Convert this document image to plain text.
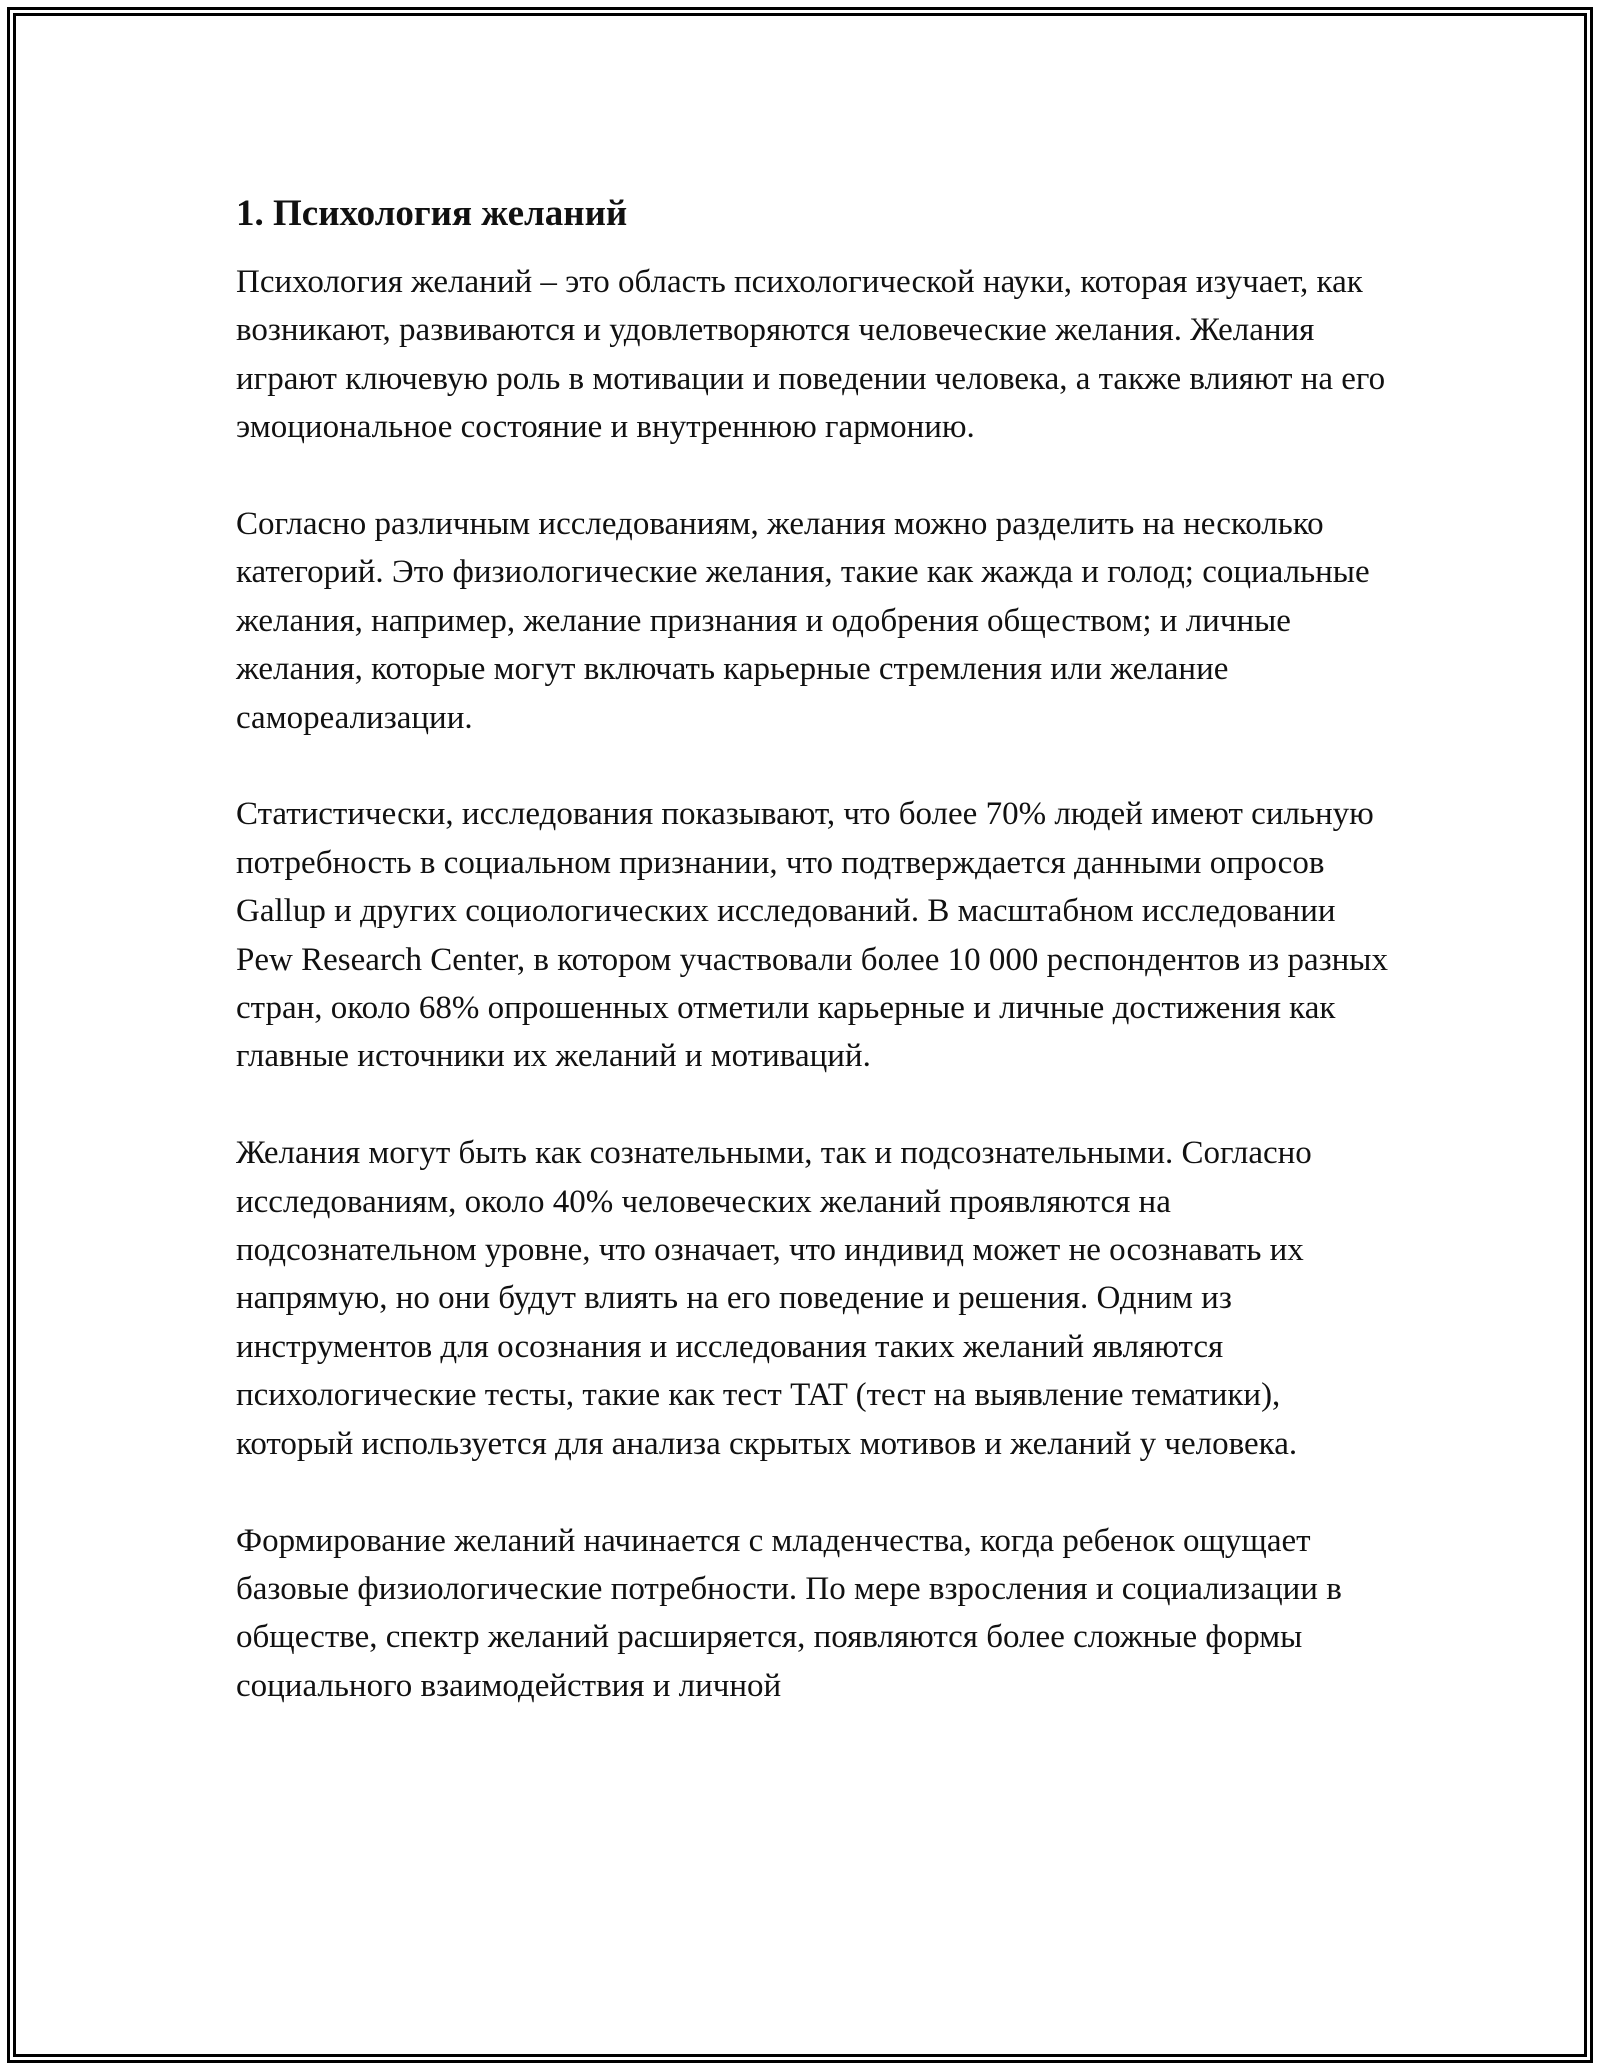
1. Психология желаний

Психология желаний – это область психологической науки, которая изучает, как возникают, развиваются и удовлетворяются человеческие желания. Желания играют ключевую роль в мотивации и поведении человека, а также влияют на его эмоциональное состояние и внутреннюю гармонию.

Согласно различным исследованиям, желания можно разделить на несколько категорий. Это физиологические желания, такие как жажда и голод; социальные желания, например, желание признания и одобрения обществом; и личные желания, которые могут включать карьерные стремления или желание самореализации.

Статистически, исследования показывают, что более 70% людей имеют сильную потребность в социальном признании, что подтверждается данными опросов Gallup и других социологических исследований. В масштабном исследовании Pew Research Center, в котором участвовали более 10 000 респондентов из разных стран, около 68% опрошенных отметили карьерные и личные достижения как главные источники их желаний и мотиваций.

Желания могут быть как сознательными, так и подсознательными. Согласно исследованиям, около 40% человеческих желаний проявляются на подсознательном уровне, что означает, что индивид может не осознавать их напрямую, но они будут влиять на его поведение и решения. Одним из инструментов для осознания и исследования таких желаний являются психологические тесты, такие как тест TAT (тест на выявление тематики), который используется для анализа скрытых мотивов и желаний у человека.

Формирование желаний начинается с младенчества, когда ребенок ощущает базовые физиологические потребности. По мере взросления и социализации в обществе, спектр желаний расширяется, появляются более сложные формы социального взаимодействия и личной
